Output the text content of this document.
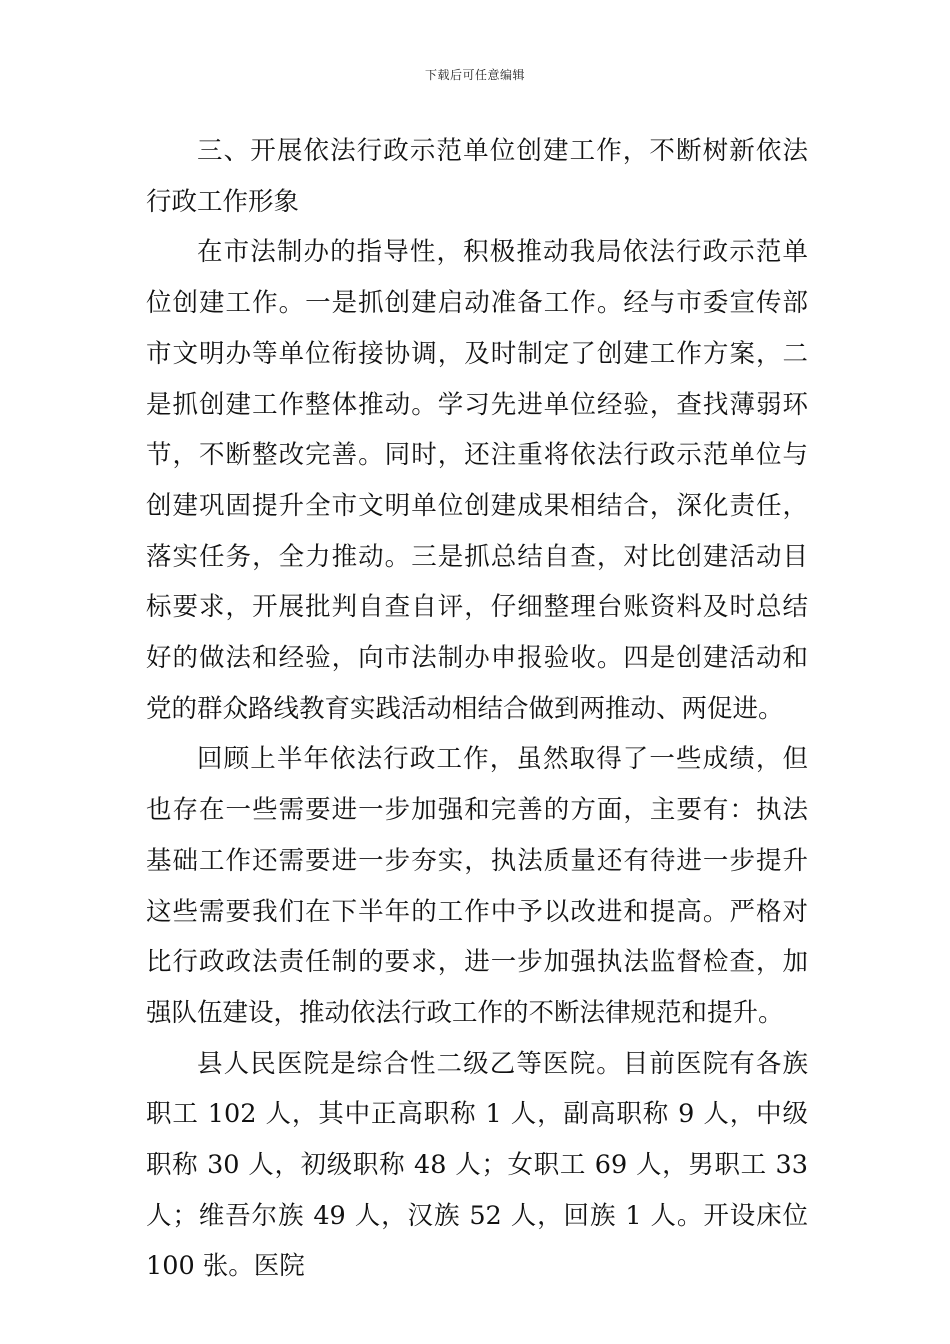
下载后可任意编辑

三、开展依法行政示范单位创建工作，不断树新依法行政工作形象

在市法制办的指导性，积极推动我局依法行政示范单位创建工作。一是抓创建启动准备工作。经与市委宣传部市文明办等单位衔接协调，及时制定了创建工作方案，二是抓创建工作整体推动。学习先进单位经验，查找薄弱环节，不断整改完善。同时，还注重将依法行政示范单位与创建巩固提升全市文明单位创建成果相结合，深化责任，落实任务，全力推动。三是抓总结自查，对比创建活动目标要求，开展批判自查自评，仔细整理台账资料及时总结好的做法和经验，向市法制办申报验收。四是创建活动和党的群众路线教育实践活动相结合做到两推动、两促进。

回顾上半年依法行政工作，虽然取得了一些成绩，但也存在一些需要进一步加强和完善的方面，主要有：执法基础工作还需要进一步夯实，执法质量还有待进一步提升这些需要我们在下半年的工作中予以改进和提高。严格对比行政政法责任制的要求，进一步加强执法监督检查，加强队伍建设，推动依法行政工作的不断法律规范和提升。

县人民医院是综合性二级乙等医院。目前医院有各族职工 102 人，其中正高职称 1 人，副高职称 9 人，中级职称 30 人，初级职称 48 人；女职工 69 人，男职工 33 人；维吾尔族 49 人，汉族 52 人，回族 1 人。开设床位 100 张。医院
